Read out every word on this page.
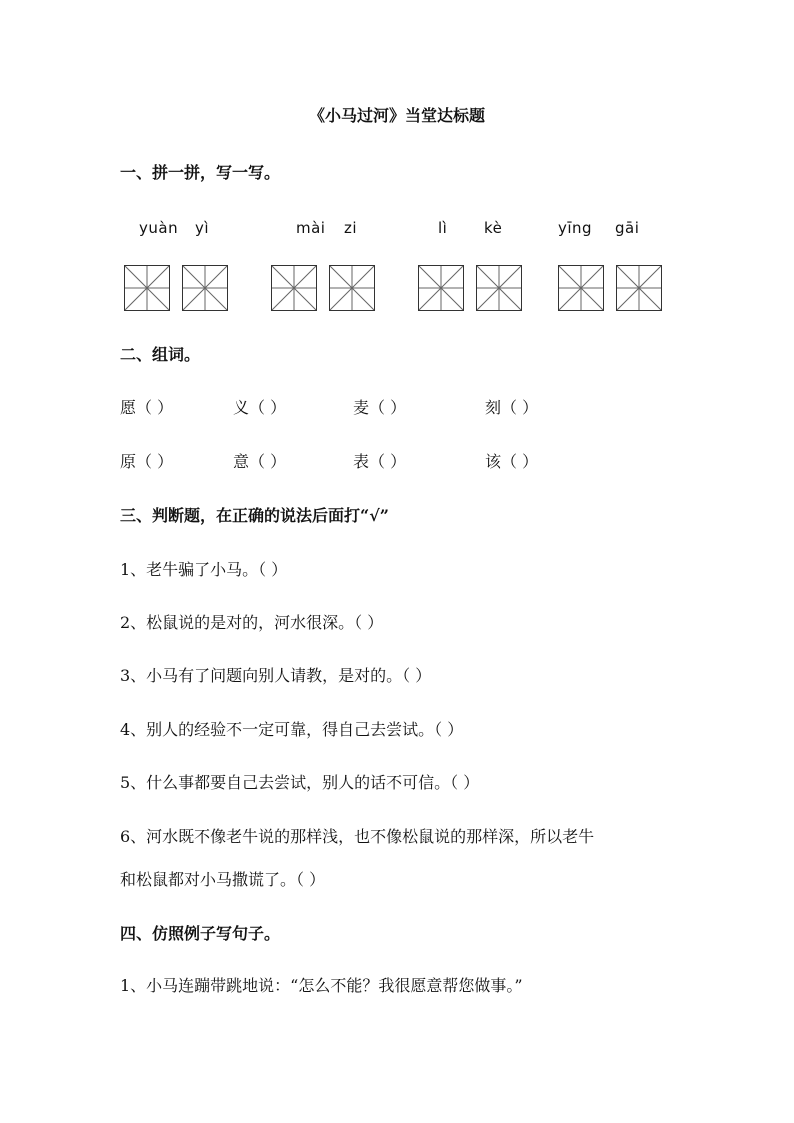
《小马过河》当堂达标题
一、拼一拼，写一写。
yuàn yì	mài zi	lì kè	yīng gāi
二、组词。
愿（ ）	义（ ）	麦（ ）	刻（ ）
原（ ）	意（ ）	表（ ）	该（ ）
三、判断题，在正确的说法后面打“√”
1、老牛骗了小马。（ ）
2、松鼠说的是对的，河水很深。（ ）
3、小马有了问题向别人请教，是对的。（ ）
4、别人的经验不一定可靠，得自己去尝试。（ ）
5、什么事都要自己去尝试，别人的话不可信。（ ）
6、河水既不像老牛说的那样浅，也不像松鼠说的那样深，所以老牛
和松鼠都对小马撒谎了。（ ）
四、仿照例子写句子。
1、小马连蹦带跳地说：“怎么不能？我很愿意帮您做事。”
